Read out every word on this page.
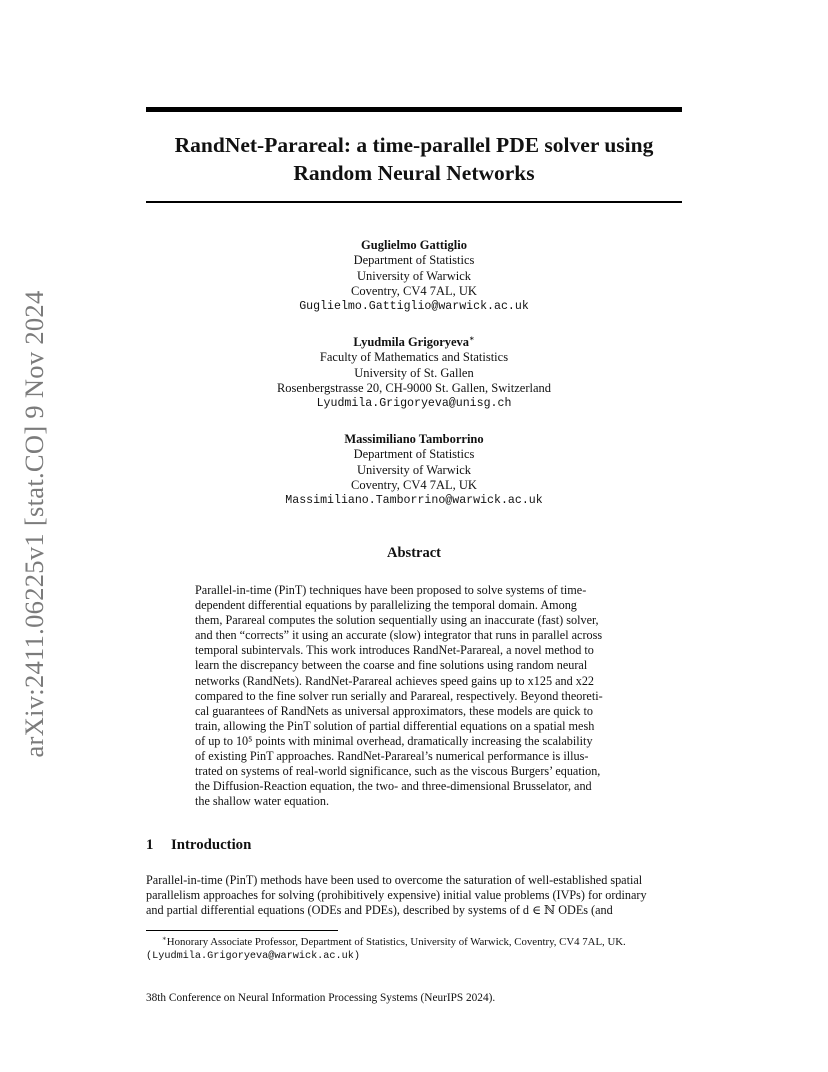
arXiv:2411.06225v1 [stat.CO] 9 Nov 2024
RandNet-Parareal: a time-parallel PDE solver using
Random Neural Networks
Guglielmo Gattiglio
Department of Statistics
University of Warwick
Coventry, CV4 7AL, UK
Guglielmo.Gattiglio@warwick.ac.uk
Lyudmila Grigoryeva∗
Faculty of Mathematics and Statistics
University of St. Gallen
Rosenbergstrasse 20, CH-9000 St. Gallen, Switzerland
Lyudmila.Grigoryeva@unisg.ch
Massimiliano Tamborrino
Department of Statistics
University of Warwick
Coventry, CV4 7AL, UK
Massimiliano.Tamborrino@warwick.ac.uk
Abstract
Parallel-in-time (PinT) techniques have been proposed to solve systems of time-
dependent differential equations by parallelizing the temporal domain. Among
them, Parareal computes the solution sequentially using an inaccurate (fast) solver,
and then “corrects” it using an accurate (slow) integrator that runs in parallel across
temporal subintervals. This work introduces RandNet-Parareal, a novel method to
learn the discrepancy between the coarse and fine solutions using random neural
networks (RandNets). RandNet-Parareal achieves speed gains up to x125 and x22
compared to the fine solver run serially and Parareal, respectively. Beyond theoreti-
cal guarantees of RandNets as universal approximators, these models are quick to
train, allowing the PinT solution of partial differential equations on a spatial mesh
of up to 10⁵ points with minimal overhead, dramatically increasing the scalability
of existing PinT approaches. RandNet-Parareal’s numerical performance is illus-
trated on systems of real-world significance, such as the viscous Burgers’ equation,
the Diffusion-Reaction equation, the two- and three-dimensional Brusselator, and
the shallow water equation.
1 Introduction
Parallel-in-time (PinT) methods have been used to overcome the saturation of well-established spatial
parallelism approaches for solving (prohibitively expensive) initial value problems (IVPs) for ordinary
and partial differential equations (ODEs and PDEs), described by systems of d ∈ ℕ ODEs (and
∗Honorary Associate Professor, Department of Statistics, University of Warwick, Coventry, CV4 7AL, UK.
(Lyudmila.Grigoryeva@warwick.ac.uk)
38th Conference on Neural Information Processing Systems (NeurIPS 2024).
